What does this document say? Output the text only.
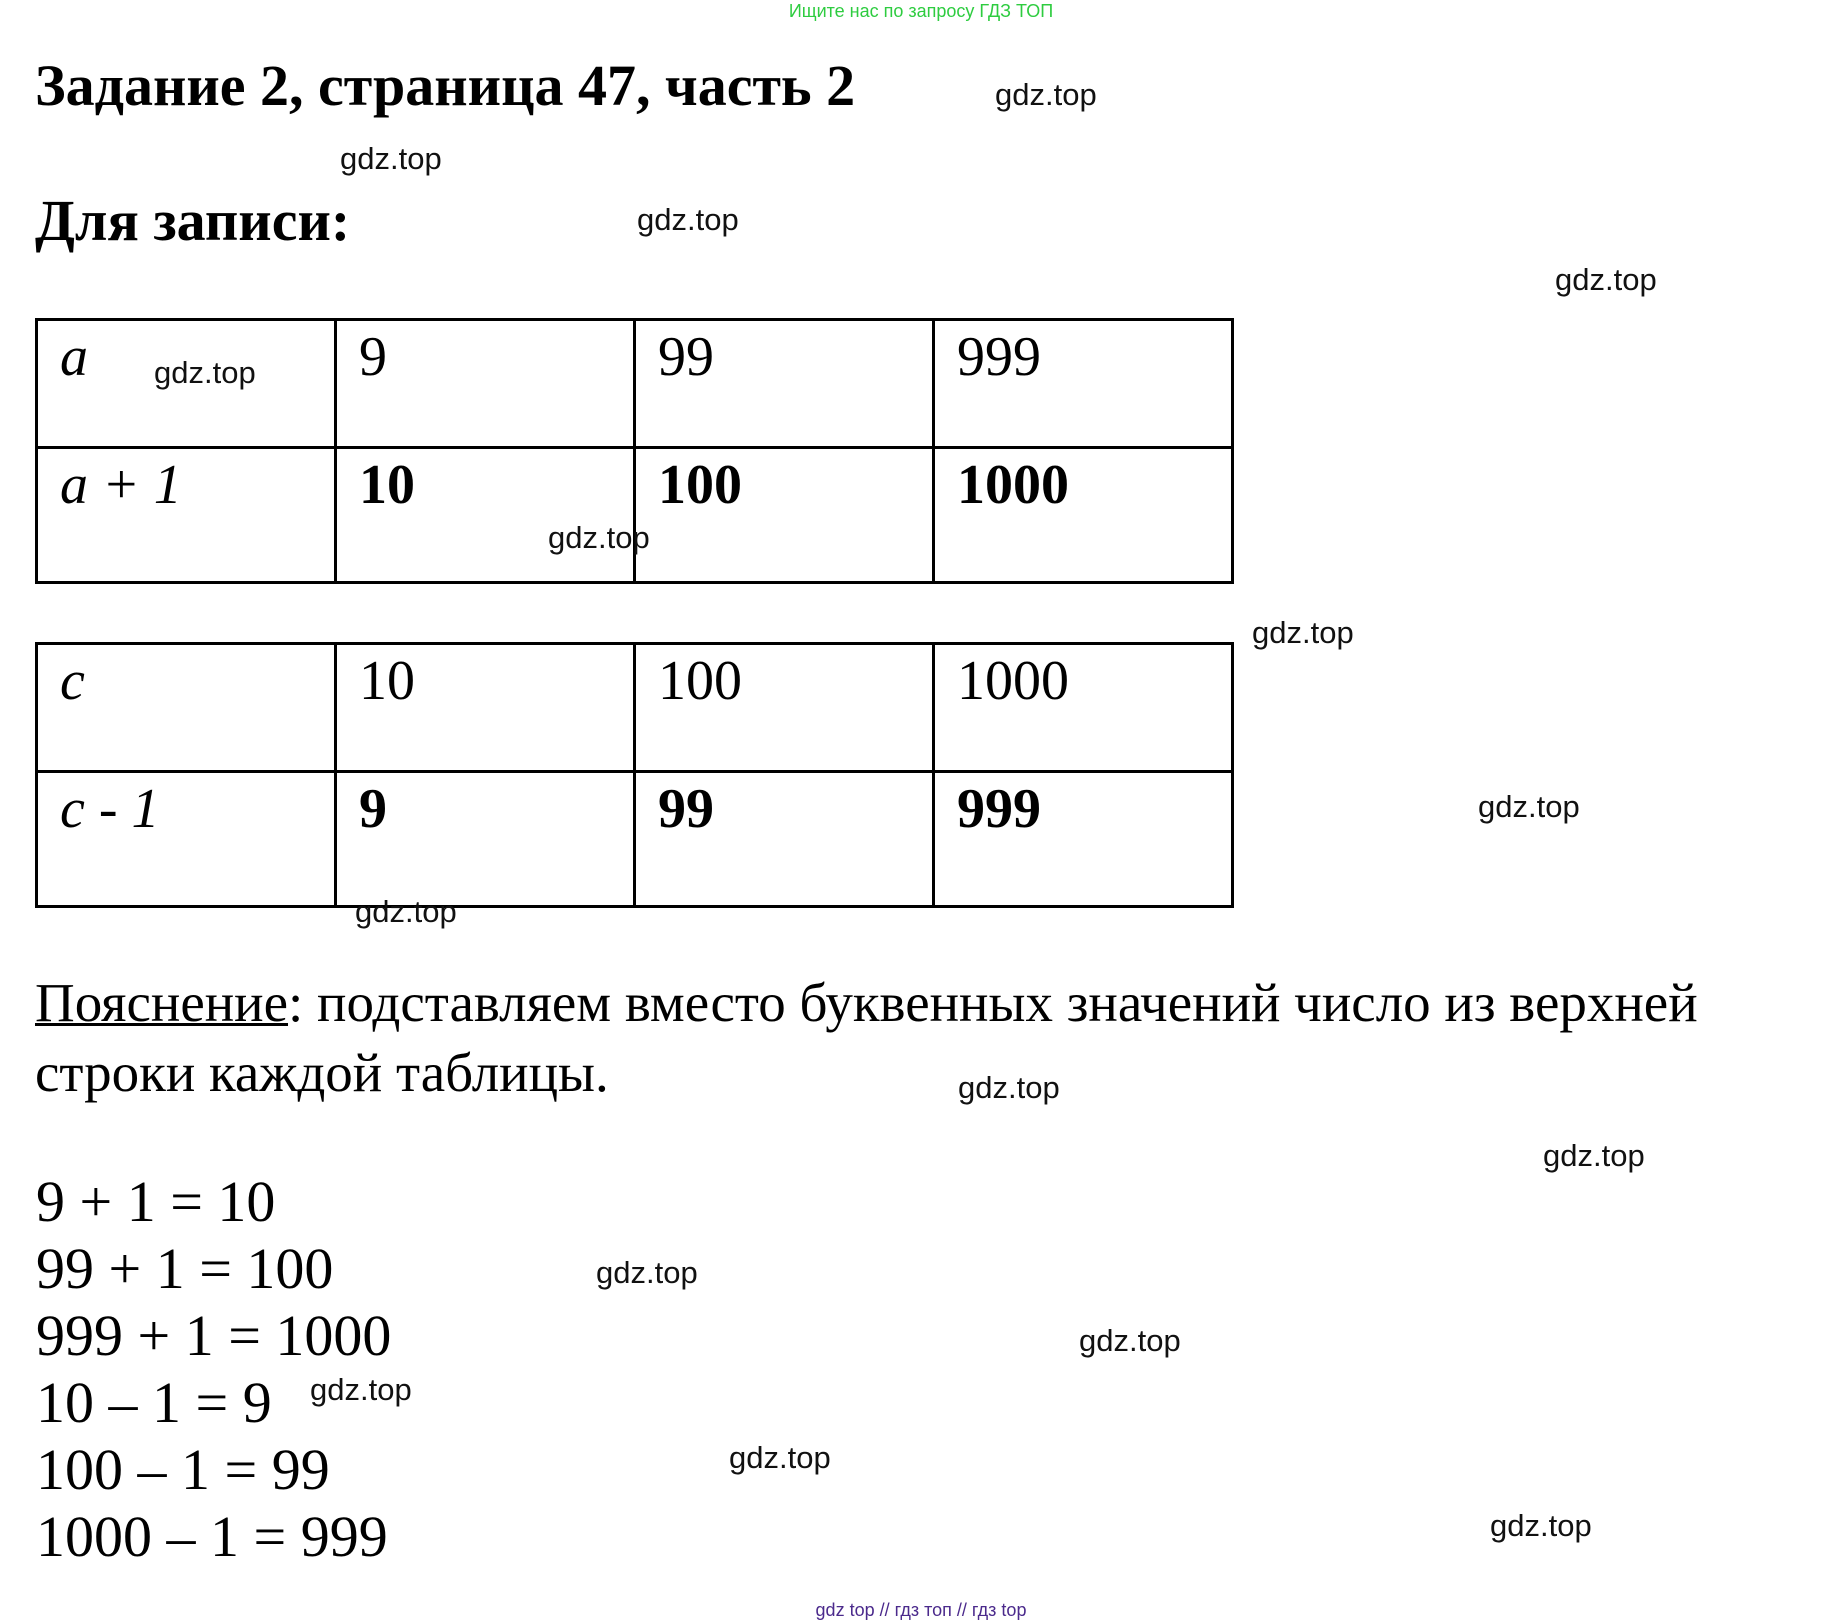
Ищите нас по запросу ГДЗ ТОП
Задание 2, страница 47, часть 2
Для записи:
a	9	99	999
a + 1	10	100	1000
c	10	100	1000
c - 1	9	99	999
Пояснение: подставляем вместо буквенных значений число из верхней строки каждой таблицы.
9 + 1 = 10
99 + 1 = 100
999 + 1 = 1000
10 – 1 = 9
100 – 1 = 99
1000 – 1 = 999
gdz.top
gdz.top
gdz.top
gdz.top
gdz.top
gdz.top
gdz.top
gdz.top
gdz.top
gdz.top
gdz.top
gdz.top
gdz.top
gdz.top
gdz.top
gdz.top
gdz top // гдз топ // гдз top
